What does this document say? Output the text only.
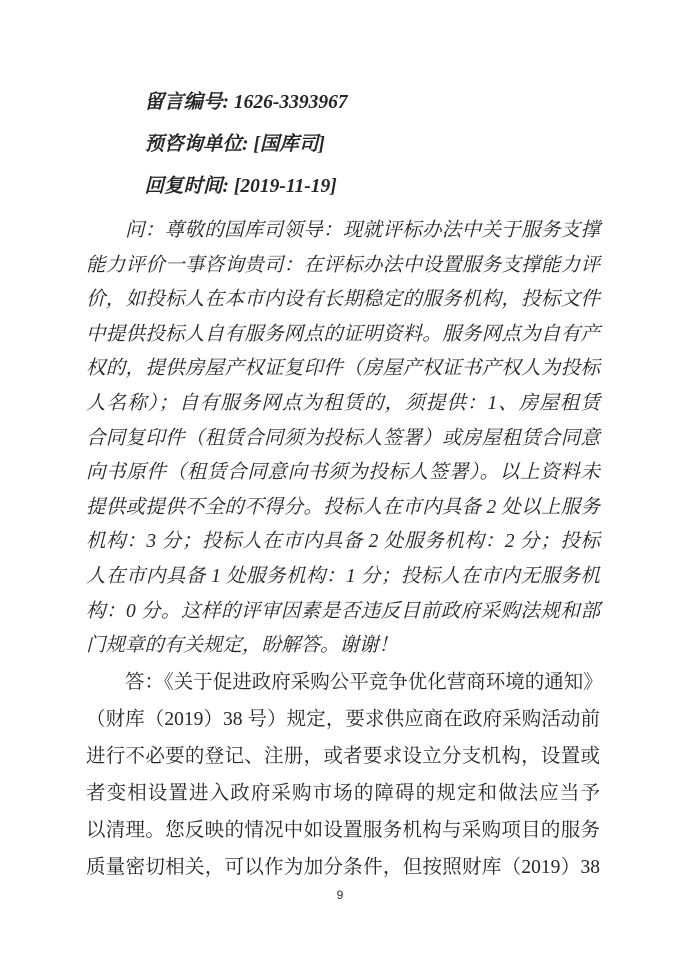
留言编号: 1626-3393967
预咨询单位: [国库司]
回复时间: [2019-11-19]
问：尊敬的国库司领导：现就评标办法中关于服务支撑
能力评价一事咨询贵司：在评标办法中设置服务支撑能力评
价，如投标人在本市内设有长期稳定的服务机构，投标文件
中提供投标人自有服务网点的证明资料。服务网点为自有产
权的，提供房屋产权证复印件（房屋产权证书产权人为投标
人名称）；自有服务网点为租赁的，须提供：1、房屋租赁
合同复印件（租赁合同须为投标人签署）或房屋租赁合同意
向书原件（租赁合同意向书须为投标人签署）。以上资料未
提供或提供不全的不得分。投标人在市内具备 2 处以上服务
机构：3 分；投标人在市内具备 2 处服务机构：2 分；投标
人在市内具备 1 处服务机构：1 分；投标人在市内无服务机
构：0 分。这样的评审因素是否违反目前政府采购法规和部
门规章的有关规定，盼解答。谢谢！
答：《关于促进政府采购公平竞争优化营商环境的通知》
（财库（2019）38 号）规定，要求供应商在政府采购活动前
进行不必要的登记、注册，或者要求设立分支机构，设置或
者变相设置进入政府采购市场的障碍的规定和做法应当予
以清理。您反映的情况中如设置服务机构与采购项目的服务
质量密切相关，可以作为加分条件，但按照财库（2019）38
9
